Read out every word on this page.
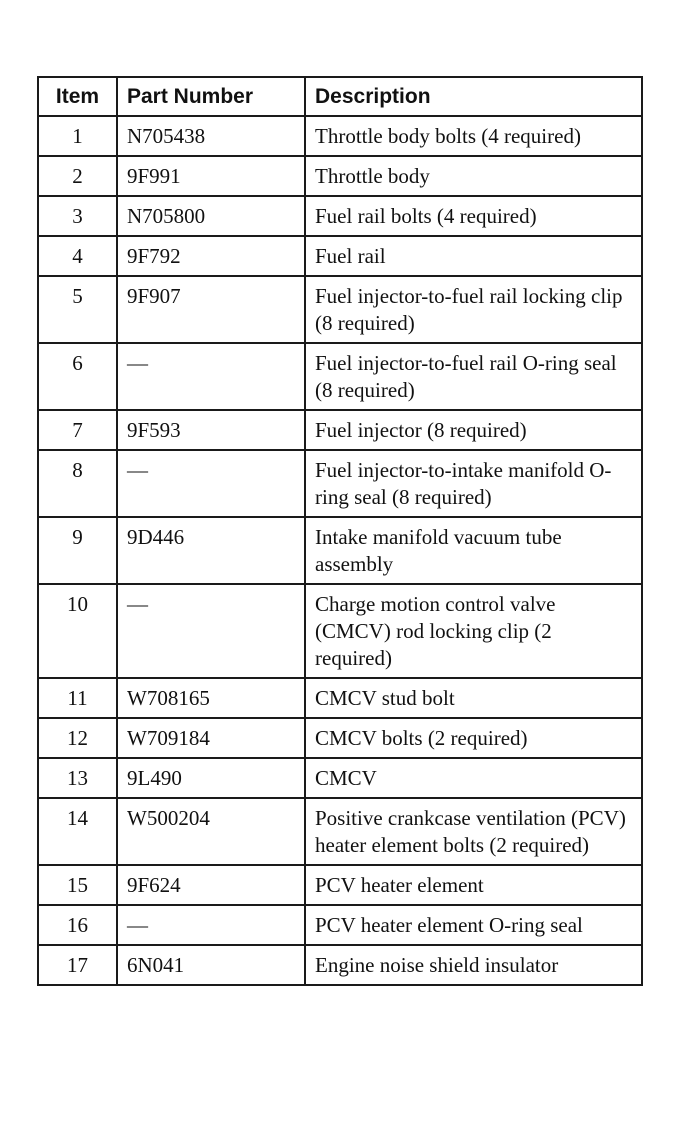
Item	Part Number	Description
1	N705438	Throttle body bolts (4 required)
2	9F991	Throttle body
3	N705800	Fuel rail bolts (4 required)
4	9F792	Fuel rail
5	9F907	Fuel injector-to-fuel rail locking clip (8 required)
6	—	Fuel injector-to-fuel rail O-ring seal (8 required)
7	9F593	Fuel injector (8 required)
8	—	Fuel injector-to-intake manifold O-ring seal (8 required)
9	9D446	Intake manifold vacuum tube assembly
10	—	Charge motion control valve (CMCV) rod locking clip (2 required)
11	W708165	CMCV stud bolt
12	W709184	CMCV bolts (2 required)
13	9L490	CMCV
14	W500204	Positive crankcase ventilation (PCV) heater element bolts (2 required)
15	9F624	PCV heater element
16	—	PCV heater element O-ring seal
17	6N041	Engine noise shield insulator
